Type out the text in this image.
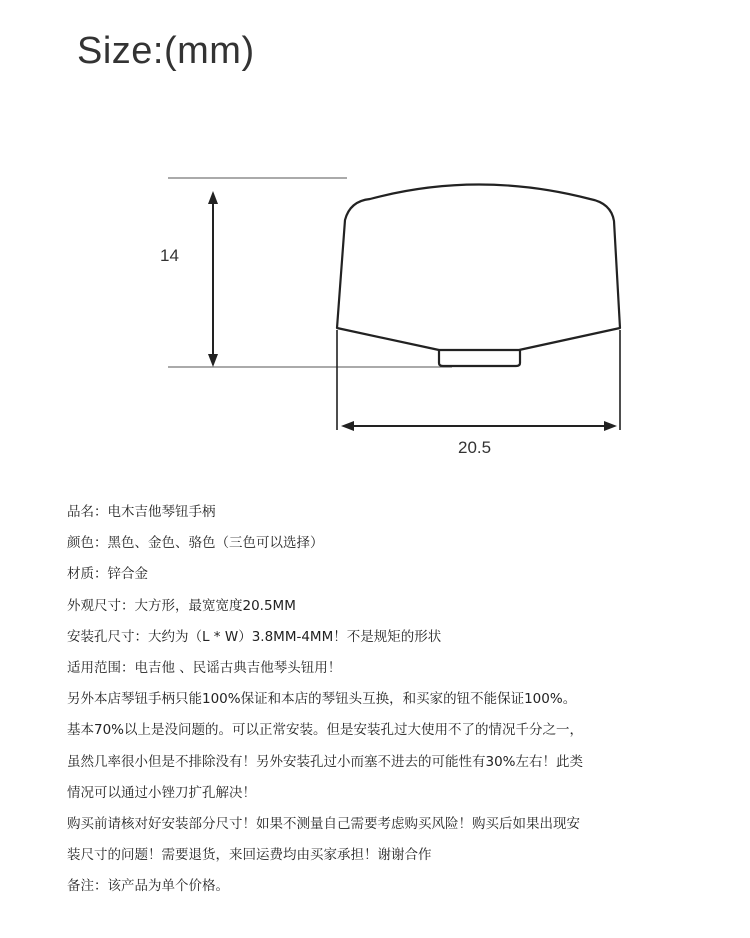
Size:(mm)
14
20.5
品名：电木吉他琴钮手柄
颜色：黑色、金色、骆色（三色可以选择）
材质：锌合金
外观尺寸：大方形，最宽宽度20.5MM
安装孔尺寸：大约为（L * W）3.8MM-4MM！不是规矩的形状
适用范围：电吉他 、民谣古典吉他琴头钮用！
另外本店琴钮手柄只能100%保证和本店的琴钮头互换，和买家的钮不能保证100%。
基本70%以上是没问题的。可以正常安装。但是安装孔过大使用不了的情况千分之一，
虽然几率很小但是不排除没有！另外安装孔过小而塞不进去的可能性有30%左右！此类
情况可以通过小锉刀扩孔解决！
购买前请核对好安装部分尺寸！如果不测量自己需要考虑购买风险！购买后如果出现安
装尺寸的问题！需要退货，来回运费均由买家承担！谢谢合作
备注：该产品为单个价格。
